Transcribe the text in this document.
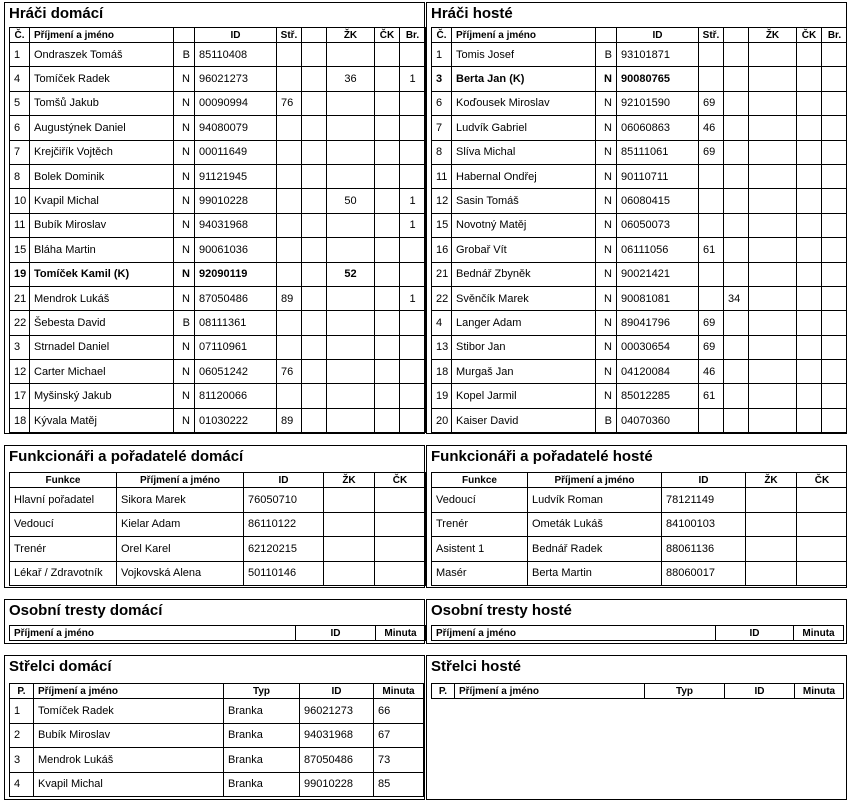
Hráči domácí
Č.	Příjmení a jméno		ID	Stř.		ŽK	ČK	Br.
1	Ondraszek Tomáš	B	85110408					
4	Tomíček Radek	N	96021273			36		1
5	Tomšů Jakub	N	00090994	76				
6	Augustýnek Daniel	N	94080079					
7	Krejčiřík Vojtěch	N	00011649					
8	Bolek Dominik	N	91121945					
10	Kvapil Michal	N	99010228			50		1
11	Bubík Miroslav	N	94031968					1
15	Bláha Martin	N	90061036					
19	Tomíček Kamil (K)	N	92090119			52		
21	Mendrok Lukáš	N	87050486	89				1
22	Šebesta David	B	08111361					
3	Strnadel Daniel	N	07110961					
12	Carter Michael	N	06051242	76				
17	Myšinský Jakub	N	81120066					
18	Kývala Matěj	N	01030222	89				
Hráči hosté
Č.	Příjmení a jméno		ID	Stř.		ŽK	ČK	Br.
1	Tomis Josef	B	93101871					
3	Berta Jan (K)	N	90080765					
6	Koďousek Miroslav	N	92101590	69				
7	Ludvík Gabriel	N	06060863	46				
8	Slíva Michal	N	85111061	69				
11	Habernal Ondřej	N	90110711					
12	Sasin Tomáš	N	06080415					
15	Novotný Matěj	N	06050073					
16	Grobař Vít	N	06111056	61				
21	Bednář Zbyněk	N	90021421					
22	Svěnčík Marek	N	90081081		34			
4	Langer Adam	N	89041796	69				
13	Stibor Jan	N	00030654	69				
18	Murgaš Jan	N	04120084	46				
19	Kopel Jarmil	N	85012285	61				
20	Kaiser David	B	04070360					
Funkcionáři a pořadatelé domácí
Funkce	Příjmení a jméno	ID	ŽK	ČK
Hlavní pořadatel	Sikora Marek	76050710		
Vedoucí	Kielar Adam	86110122		
Trenér	Orel Karel	62120215		
Lékař / Zdravotník	Vojkovská Alena	50110146		
Funkcionáři a pořadatelé hosté
Funkce	Příjmení a jméno	ID	ŽK	ČK
Vedoucí	Ludvík Roman	78121149		
Trenér	Ometák Lukáš	84100103		
Asistent 1	Bednář Radek	88061136		
Masér	Berta Martin	88060017		
Osobní tresty domácí
Příjmení a jméno	ID	Minuta
Osobní tresty hosté
Příjmení a jméno	ID	Minuta
Střelci domácí
P.	Příjmení a jméno	Typ	ID	Minuta
1	Tomíček Radek	Branka	96021273	66
2	Bubík Miroslav	Branka	94031968	67
3	Mendrok Lukáš	Branka	87050486	73
4	Kvapil Michal	Branka	99010228	85
Střelci hosté
P.	Příjmení a jméno	Typ	ID	Minuta
